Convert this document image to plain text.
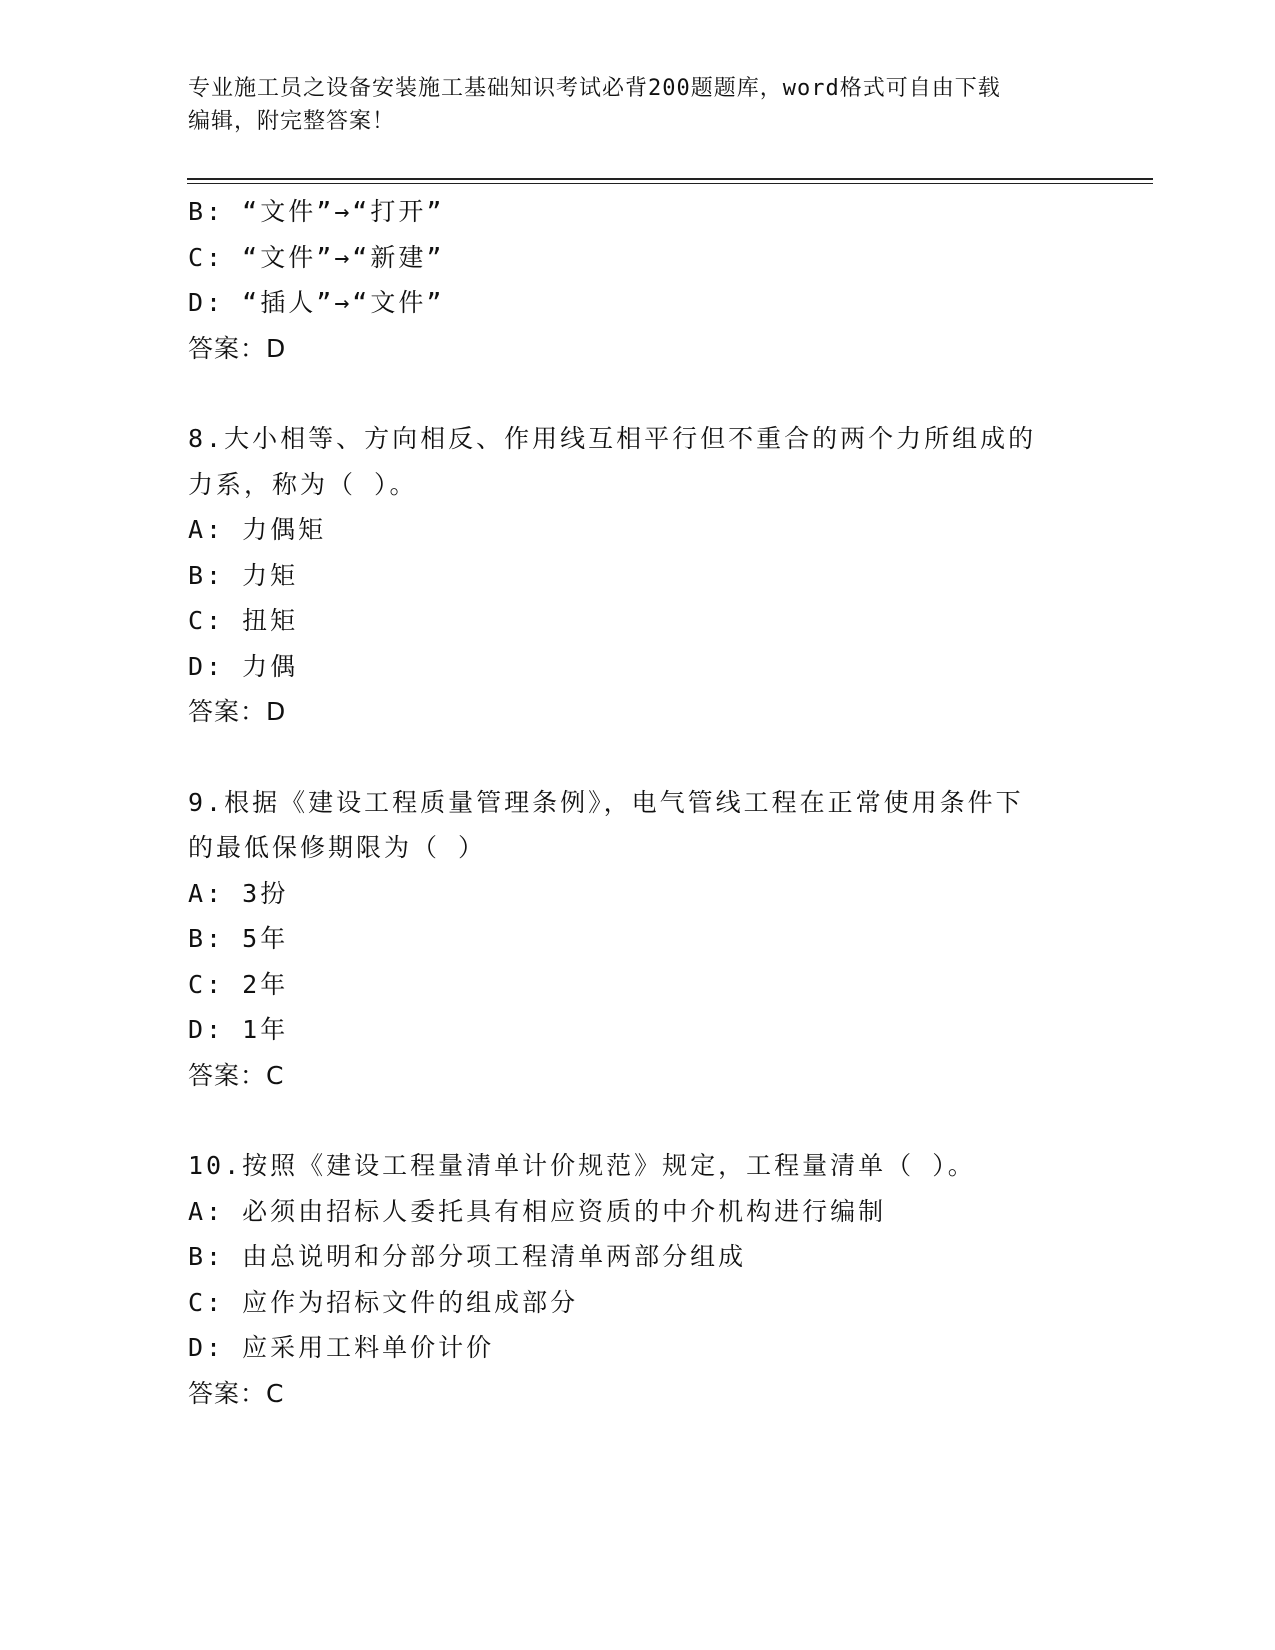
专业施工员之设备安装施工基础知识考试必背200题题库，word格式可自由下载
编辑，附完整答案！
B: “文件”→“打开”
C: “文件”→“新建”
D: “插人”→“文件”
答案：D
8.大小相等、方向相反、作用线互相平行但不重合的两个力所组成的
力系，称为（ ）。
A: 力偶矩
B: 力矩
C: 扭矩
D: 力偶
答案：D
9.根据《建设工程质量管理条例》，电气管线工程在正常使用条件下
的最低保修期限为（ ）
A: 3扮
B: 5年
C: 2年
D: 1年
答案：C
10.按照《建设工程量清单计价规范》规定，工程量清单（ ）。
A: 必须由招标人委托具有相应资质的中介机构进行编制
B: 由总说明和分部分项工程清单两部分组成
C: 应作为招标文件的组成部分
D: 应采用工料单价计价
答案：C
